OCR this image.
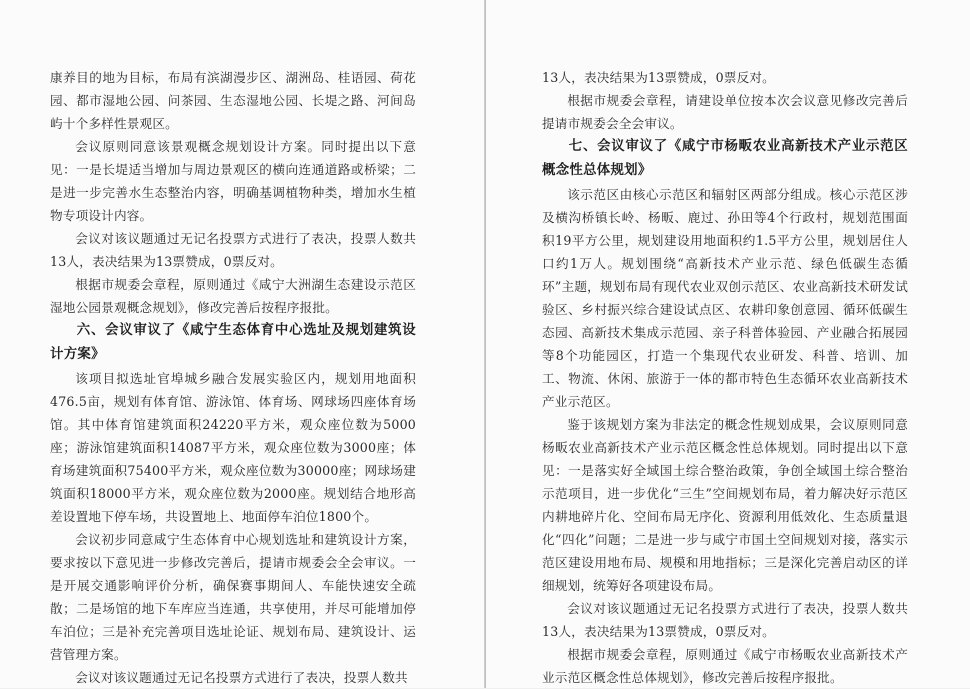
康养目的地为目标，布局有滨湖漫步区、湖洲岛、桂语园、荷花园、都市湿地公园、问茶园、生态湿地公园、长堤之路、河间岛屿十个多样性景观区。

会议原则同意该景观概念规划设计方案。同时提出以下意见：一是长堤适当增加与周边景观区的横向连通道路或桥梁；二是进一步完善水生态整治内容，明确基调植物种类，增加水生植物专项设计内容。

会议对该议题通过无记名投票方式进行了表决，投票人数共13人，表决结果为13票赞成，0票反对。

根据市规委会章程，原则通过《咸宁大洲湖生态建设示范区湿地公园景观概念规划》，修改完善后按程序报批。

六、会议审议了《咸宁生态体育中心选址及规划建筑设计方案》

该项目拟选址官埠城乡融合发展实验区内，规划用地面积476.5亩，规划有体育馆、游泳馆、体育场、网球场四座体育场馆。其中体育馆建筑面积24220平方米，观众座位数为5000座；游泳馆建筑面积14087平方米，观众座位数为3000座；体育场建筑面积75400平方米，观众座位数为30000座；网球场建筑面积18000平方米，观众座位数为2000座。规划结合地形高差设置地下停车场，共设置地上、地面停车泊位1800个。

会议初步同意咸宁生态体育中心规划选址和建筑设计方案，要求按以下意见进一步修改完善后，提请市规委会全会审议。一是开展交通影响评价分析，确保赛事期间人、车能快速安全疏散；二是场馆的地下车库应当连通，共享使用，并尽可能增加停车泊位；三是补充完善项目选址论证、规划布局、建筑设计、运营管理方案。

会议对该议题通过无记名投票方式进行了表决，投票人数共

13人，表决结果为13票赞成，0票反对。

根据市规委会章程，请建设单位按本次会议意见修改完善后提请市规委会全会审议。

七、会议审议了《咸宁市杨畈农业高新技术产业示范区概念性总体规划》

该示范区由核心示范区和辐射区两部分组成。核心示范区涉及横沟桥镇长岭、杨畈、鹿过、孙田等4个行政村，规划范围面积19平方公里，规划建设用地面积约1.5平方公里，规划居住人口约1万人。规划围绕“高新技术产业示范、绿色低碳生态循环”主题，规划布局有现代农业双创示范区、农业高新技术研发试验区、乡村振兴综合建设试点区、农耕印象创意园、循环低碳生态园、高新技术集成示范园、亲子科普体验园、产业融合拓展园等8个功能园区，打造一个集现代农业研发、科普、培训、加工、物流、休闲、旅游于一体的都市特色生态循环农业高新技术产业示范区。

鉴于该规划方案为非法定的概念性规划成果，会议原则同意杨畈农业高新技术产业示范区概念性总体规划。同时提出以下意见：一是落实好全域国土综合整治政策，争创全域国土综合整治示范项目，进一步优化“三生”空间规划布局，着力解决好示范区内耕地碎片化、空间布局无序化、资源利用低效化、生态质量退化“四化”问题；二是进一步与咸宁市国土空间规划对接，落实示范区建设用地布局、规模和用地指标；三是深化完善启动区的详细规划，统筹好各项建设布局。

会议对该议题通过无记名投票方式进行了表决，投票人数共13人，表决结果为13票赞成，0票反对。

根据市规委会章程，原则通过《咸宁市杨畈农业高新技术产业示范区概念性总体规划》，修改完善后按程序报批。
